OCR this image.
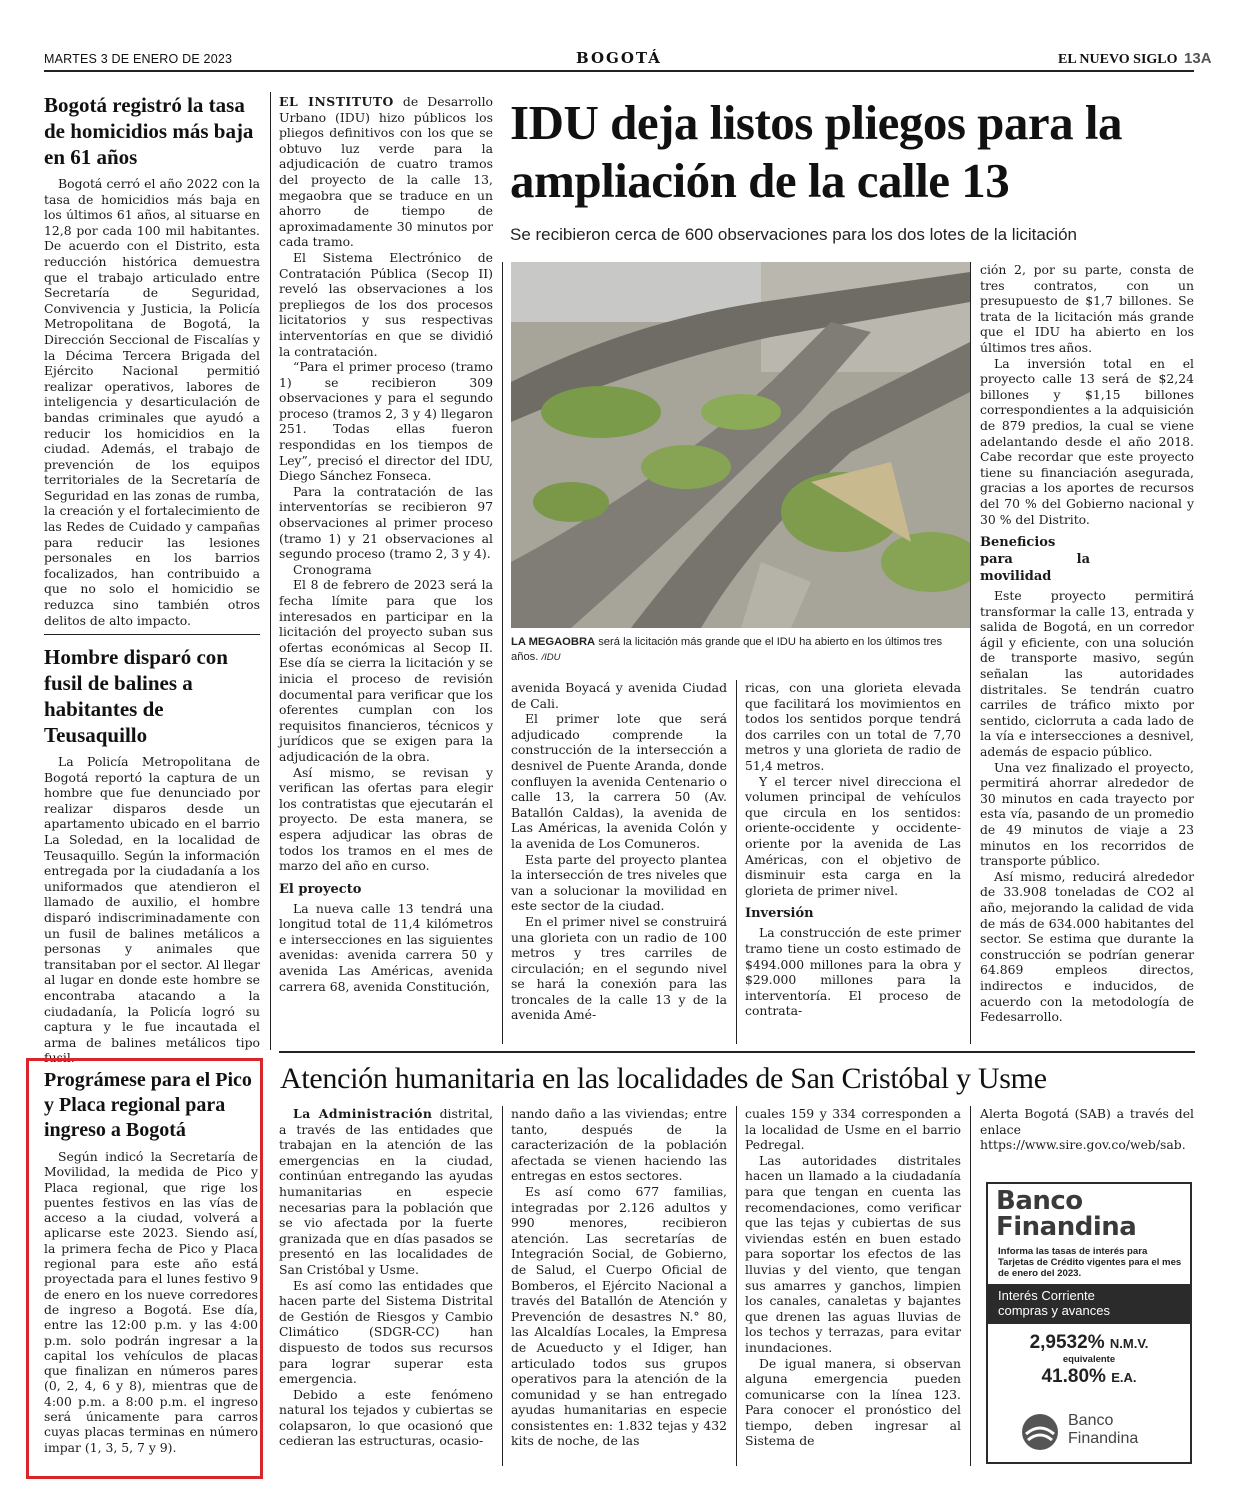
MARTES 3 DE ENERO DE 2023	BOGOTÁ	EL NUEVO SIGLO 13A
Bogotá registró la tasa de homicidios más baja en 61 años

Bogotá cerró el año 2022 con la tasa de homicidios más baja en los últimos 61 años, al situarse en 12,8 por cada 100 mil habitantes. De acuerdo con el Distrito, esta reducción histórica demuestra que el trabajo articulado entre Secretaría de Seguridad, Convivencia y Justicia, la Policía Metropolitana de Bogotá, la Dirección Seccional de Fiscalías y la Décima Tercera Brigada del Ejército Nacional permitió realizar operativos, labores de inteligencia y desarticulación de bandas criminales que ayudó a reducir los homicidios en la ciudad. Además, el trabajo de prevención de los equipos territoriales de la Secretaría de Seguridad en las zonas de rumba, la creación y el fortalecimiento de las Redes de Cuidado y campañas para reducir las lesiones personales en los barrios focalizados, han contribuido a que no solo el homicidio se reduzca sino también otros delitos de alto impacto.

Hombre disparó con fusil de balines a habitantes de Teusaquillo

La Policía Metropolitana de Bogotá reportó la captura de un hombre que fue denunciado por realizar disparos desde un apartamento ubicado en el barrio La Soledad, en la localidad de Teusaquillo. Según la información entregada por la ciudadanía a los uniformados que atendieron el llamado de auxilio, el hombre disparó indiscriminadamente con un fusil de balines metálicos a personas y animales que transitaban por el sector. Al llegar al lugar en donde este hombre se encontraba atacando a la ciudadanía, la Policía logró su captura y le fue incautada el arma de balines metálicos tipo fusil.

Prográmese para el Pico y Placa regional para ingreso a Bogotá

Según indicó la Secretaría de Movilidad, la medida de Pico y Placa regional, que rige los puentes festivos en las vías de acceso a la ciudad, volverá a aplicarse este 2023. Siendo así, la primera fecha de Pico y Placa regional para este año está proyectada para el lunes festivo 9 de enero en los nueve corredores de ingreso a Bogotá. Ese día, entre las 12:00 p.m. y las 4:00 p.m. solo podrán ingresar a la capital los vehículos de placas que finalizan en números pares (0, 2, 4, 6 y 8), mientras que de 4:00 p.m. a 8:00 p.m. el ingreso será únicamente para carros cuyas placas terminas en número impar (1, 3, 5, 7 y 9).

IDU deja listos pliegos para la ampliación de la calle 13
Se recibieron cerca de 600 observaciones para los dos lotes de la licitación

EL INSTITUTO de Desarrollo Urbano (IDU) hizo públicos los pliegos definitivos con los que se obtuvo luz verde para la adjudicación de cuatro tramos del proyecto de la calle 13, megaobra que se traduce en un ahorro de tiempo de aproximadamente 30 minutos por cada tramo.

El Sistema Electrónico de Contratación Pública (Secop II) reveló las observaciones a los prepliegos de los dos procesos licitatorios y sus respectivas interventorías en que se dividió la contratación.

“Para el primer proceso (tramo 1) se recibieron 309 observaciones y para el segundo proceso (tramos 2, 3 y 4) llegaron 251. Todas ellas fueron respondidas en los tiempos de Ley”, precisó el director del IDU, Diego Sánchez Fonseca.

Para la contratación de las interventorías se recibieron 97 observaciones al primer proceso (tramo 1) y 21 observaciones al segundo proceso (tramo 2, 3 y 4).

Cronograma

El 8 de febrero de 2023 será la fecha límite para que los interesados en participar en la licitación del proyecto suban sus ofertas económicas al Secop II. Ese día se cierra la licitación y se inicia el proceso de revisión documental para verificar que los oferentes cumplan con los requisitos financieros, técnicos y jurídicos que se exigen para la adjudicación de la obra.

Así mismo, se revisan y verifican las ofertas para elegir los contratistas que ejecutarán el proyecto. De esta manera, se espera adjudicar las obras de todos los tramos en el mes de marzo del año en curso.

El proyecto

La nueva calle 13 tendrá una longitud total de 11,4 kilómetros e intersecciones en las siguientes avenidas: avenida carrera 50 y avenida Las Américas, avenida carrera 68, avenida Constitución,

LA MEGAOBRA será la licitación más grande que el IDU ha abierto en los últimos tres años. /IDU

avenida Boyacá y avenida Ciudad de Cali.

El primer lote que será adjudicado comprende la construcción de la intersección a desnivel de Puente Aranda, donde confluyen la avenida Centenario o calle 13, la carrera 50 (Av. Batallón Caldas), la avenida de Las Américas, la avenida Colón y la avenida de Los Comuneros.

Esta parte del proyecto plantea la intersección de tres niveles que van a solucionar la movilidad en este sector de la ciudad.

En el primer nivel se construirá una glorieta con un radio de 100 metros y tres carriles de circulación; en el segundo nivel se hará la conexión para las troncales de la calle 13 y de la avenida Amé-

ricas, con una glorieta elevada que facilitará los movimientos en todos los sentidos porque tendrá dos carriles con un total de 7,70 metros y una glorieta de radio de 51,4 metros.

Y el tercer nivel direcciona el volumen principal de vehículos que circula en los sentidos: oriente-occidente y occidente-oriente por la avenida de Las Américas, con el objetivo de disminuir esta carga en la glorieta de primer nivel.

Inversión

La construcción de este primer tramo tiene un costo estimado de $494.000 millones para la obra y $29.000 millones para la interventoría. El proceso de contrata-

ción 2, por su parte, consta de tres contratos, con un presupuesto de $1,7 billones. Se trata de la licitación más grande que el IDU ha abierto en los últimos tres años.

La inversión total en el proyecto calle 13 será de $2,24 billones y $1,15 billones correspondientes a la adquisición de 879 predios, la cual se viene adelantando desde el año 2018. Cabe recordar que este proyecto tiene su financiación asegurada, gracias a los aportes de recursos del 70 % del Gobierno nacional y 30 % del Distrito.

Beneficios para la movilidad

Este proyecto permitirá transformar la calle 13, entrada y salida de Bogotá, en un corredor ágil y eficiente, con una solución de transporte masivo, según señalan las autoridades distritales. Se tendrán cuatro carriles de tráfico mixto por sentido, ciclorruta a cada lado de la vía e intersecciones a desnivel, además de espacio público.

Una vez finalizado el proyecto, permitirá ahorrar alrededor de 30 minutos en cada trayecto por esta vía, pasando de un promedio de 49 minutos de viaje a 23 minutos en los recorridos de transporte público.

Así mismo, reducirá alrededor de 33.908 toneladas de CO2 al año, mejorando la calidad de vida de más de 634.000 habitantes del sector. Se estima que durante la construcción se podrían generar 64.869 empleos directos, indirectos e inducidos, de acuerdo con la metodología de Fedesarrollo.

Atención humanitaria en las localidades de San Cristóbal y Usme

La Administración distrital, a través de las entidades que trabajan en la atención de las emergencias en la ciudad, continúan entregando las ayudas humanitarias en especie necesarias para la población que se vio afectada por la fuerte granizada que en días pasados se presentó en las localidades de San Cristóbal y Usme.

Es así como las entidades que hacen parte del Sistema Distrital de Gestión de Riesgos y Cambio Climático (SDGR-CC) han dispuesto de todos sus recursos para lograr superar esta emergencia.

Debido a este fenómeno natural los tejados y cubiertas se colapsaron, lo que ocasionó que cedieran las estructuras, ocasio-

nando daño a las viviendas; entre tanto, después de la caracterización de la población afectada se vienen haciendo las entregas en estos sectores.

Es así como 677 familias, integradas por 2.126 adultos y 990 menores, recibieron atención. Las secretarías de Integración Social, de Gobierno, de Salud, el Cuerpo Oficial de Bomberos, el Ejército Nacional a través del Batallón de Atención y Prevención de desastres N.° 80, las Alcaldías Locales, la Empresa de Acueducto y el Idiger, han articulado todos sus grupos operativos para la atención de la comunidad y se han entregado ayudas humanitarias en especie consistentes en: 1.832 tejas y 432 kits de noche, de las

cuales 159 y 334 corresponden a la localidad de Usme en el barrio Pedregal.

Las autoridades distritales hacen un llamado a la ciudadanía para que tengan en cuenta las recomendaciones, como verificar que las tejas y cubiertas de sus viviendas estén en buen estado para soportar los efectos de las lluvias y del viento, que tengan sus amarres y ganchos, limpien los canales, canaletas y bajantes que drenen las aguas lluvias de los techos y terrazas, para evitar inundaciones.

De igual manera, si observan alguna emergencia pueden comunicarse con la línea 123. Para conocer el pronóstico del tiempo, deben ingresar al Sistema de

Alerta Bogotá (SAB) a través del enlace https://www.sire.gov.co/web/sab.

Banco
Finandina
Informa las tasas de interés para Tarjetas de Crédito vigentes para el mes de enero del 2023.
Interés Corriente
compras y avances
2,9532% N.M.V.
equivalente
41.80% E.A.
Banco
Finandina
